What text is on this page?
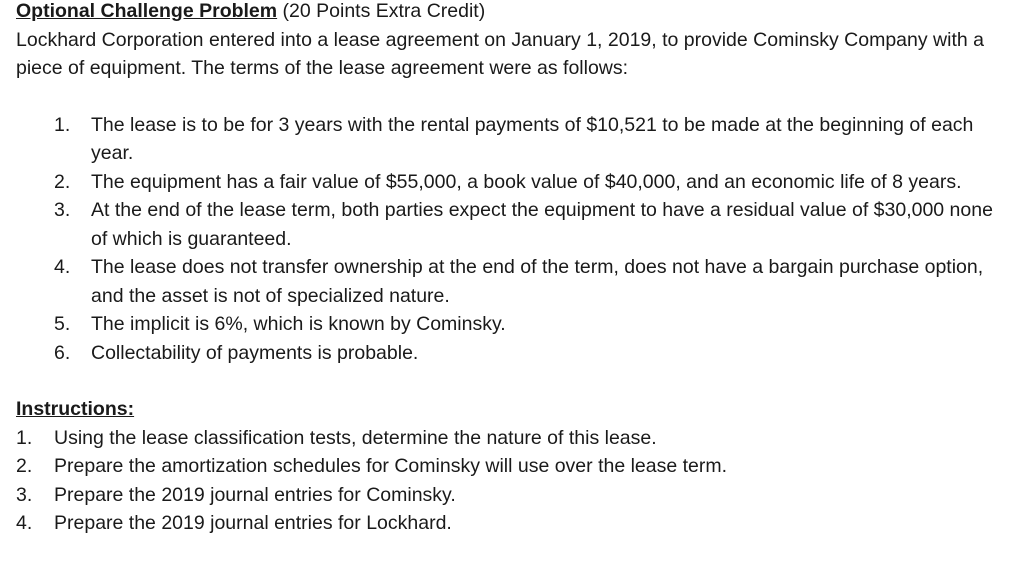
Optional Challenge Problem (20 Points Extra Credit)

Lockhard Corporation entered into a lease agreement on January 1, 2019, to provide Cominsky Company with a piece of equipment. The terms of the lease agreement were as follows:

1. The lease is to be for 3 years with the rental payments of $10,521 to be made at the beginning of each year.
2. The equipment has a fair value of $55,000, a book value of $40,000, and an economic life of 8 years.
3. At the end of the lease term, both parties expect the equipment to have a residual value of $30,000 none of which is guaranteed.
4. The lease does not transfer ownership at the end of the term, does not have a bargain purchase option, and the asset is not of specialized nature.
5. The implicit is 6%, which is known by Cominsky.
6. Collectability of payments is probable.
Instructions:
1. Using the lease classification tests, determine the nature of this lease.
2. Prepare the amortization schedules for Cominsky will use over the lease term.
3. Prepare the 2019 journal entries for Cominsky.
4. Prepare the 2019 journal entries for Lockhard.
